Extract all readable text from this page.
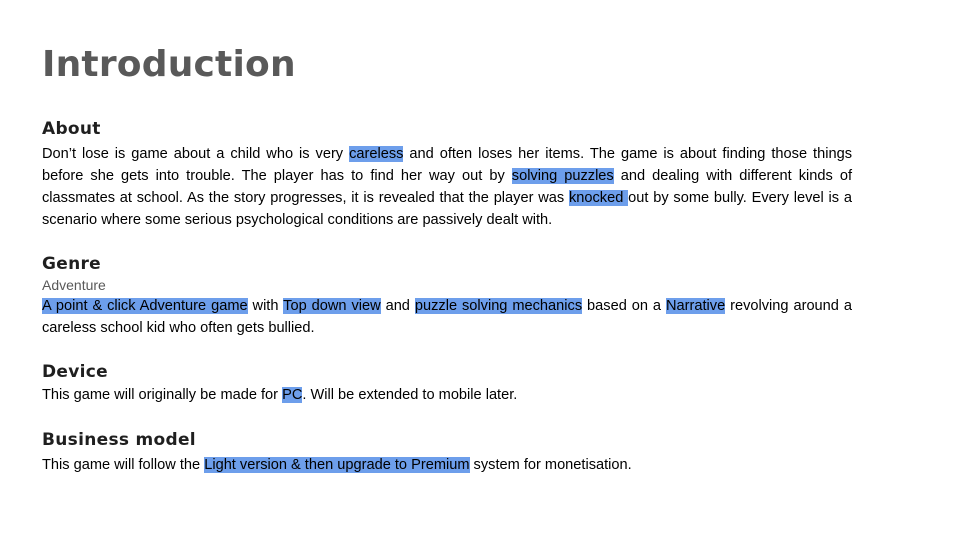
Introduction
About

Don’t lose is game about a child who is very careless and often loses her items. The game is about finding those things before she gets into trouble. The player has to find her way out by solving puzzles and dealing with different kinds of classmates at school. As the story progresses, it is revealed that the player was knocked out by some bully. Every level is a scenario where some serious psychological conditions are passively dealt with.

Genre

Adventure

A point & click Adventure game with Top down view and puzzle solving mechanics based on a Narrative revolving around a careless school kid who often gets bullied.

Device

This game will originally be made for PC. Will be extended to mobile later.

Business model

This game will follow the Light version & then upgrade to Premium system for monetisation.
